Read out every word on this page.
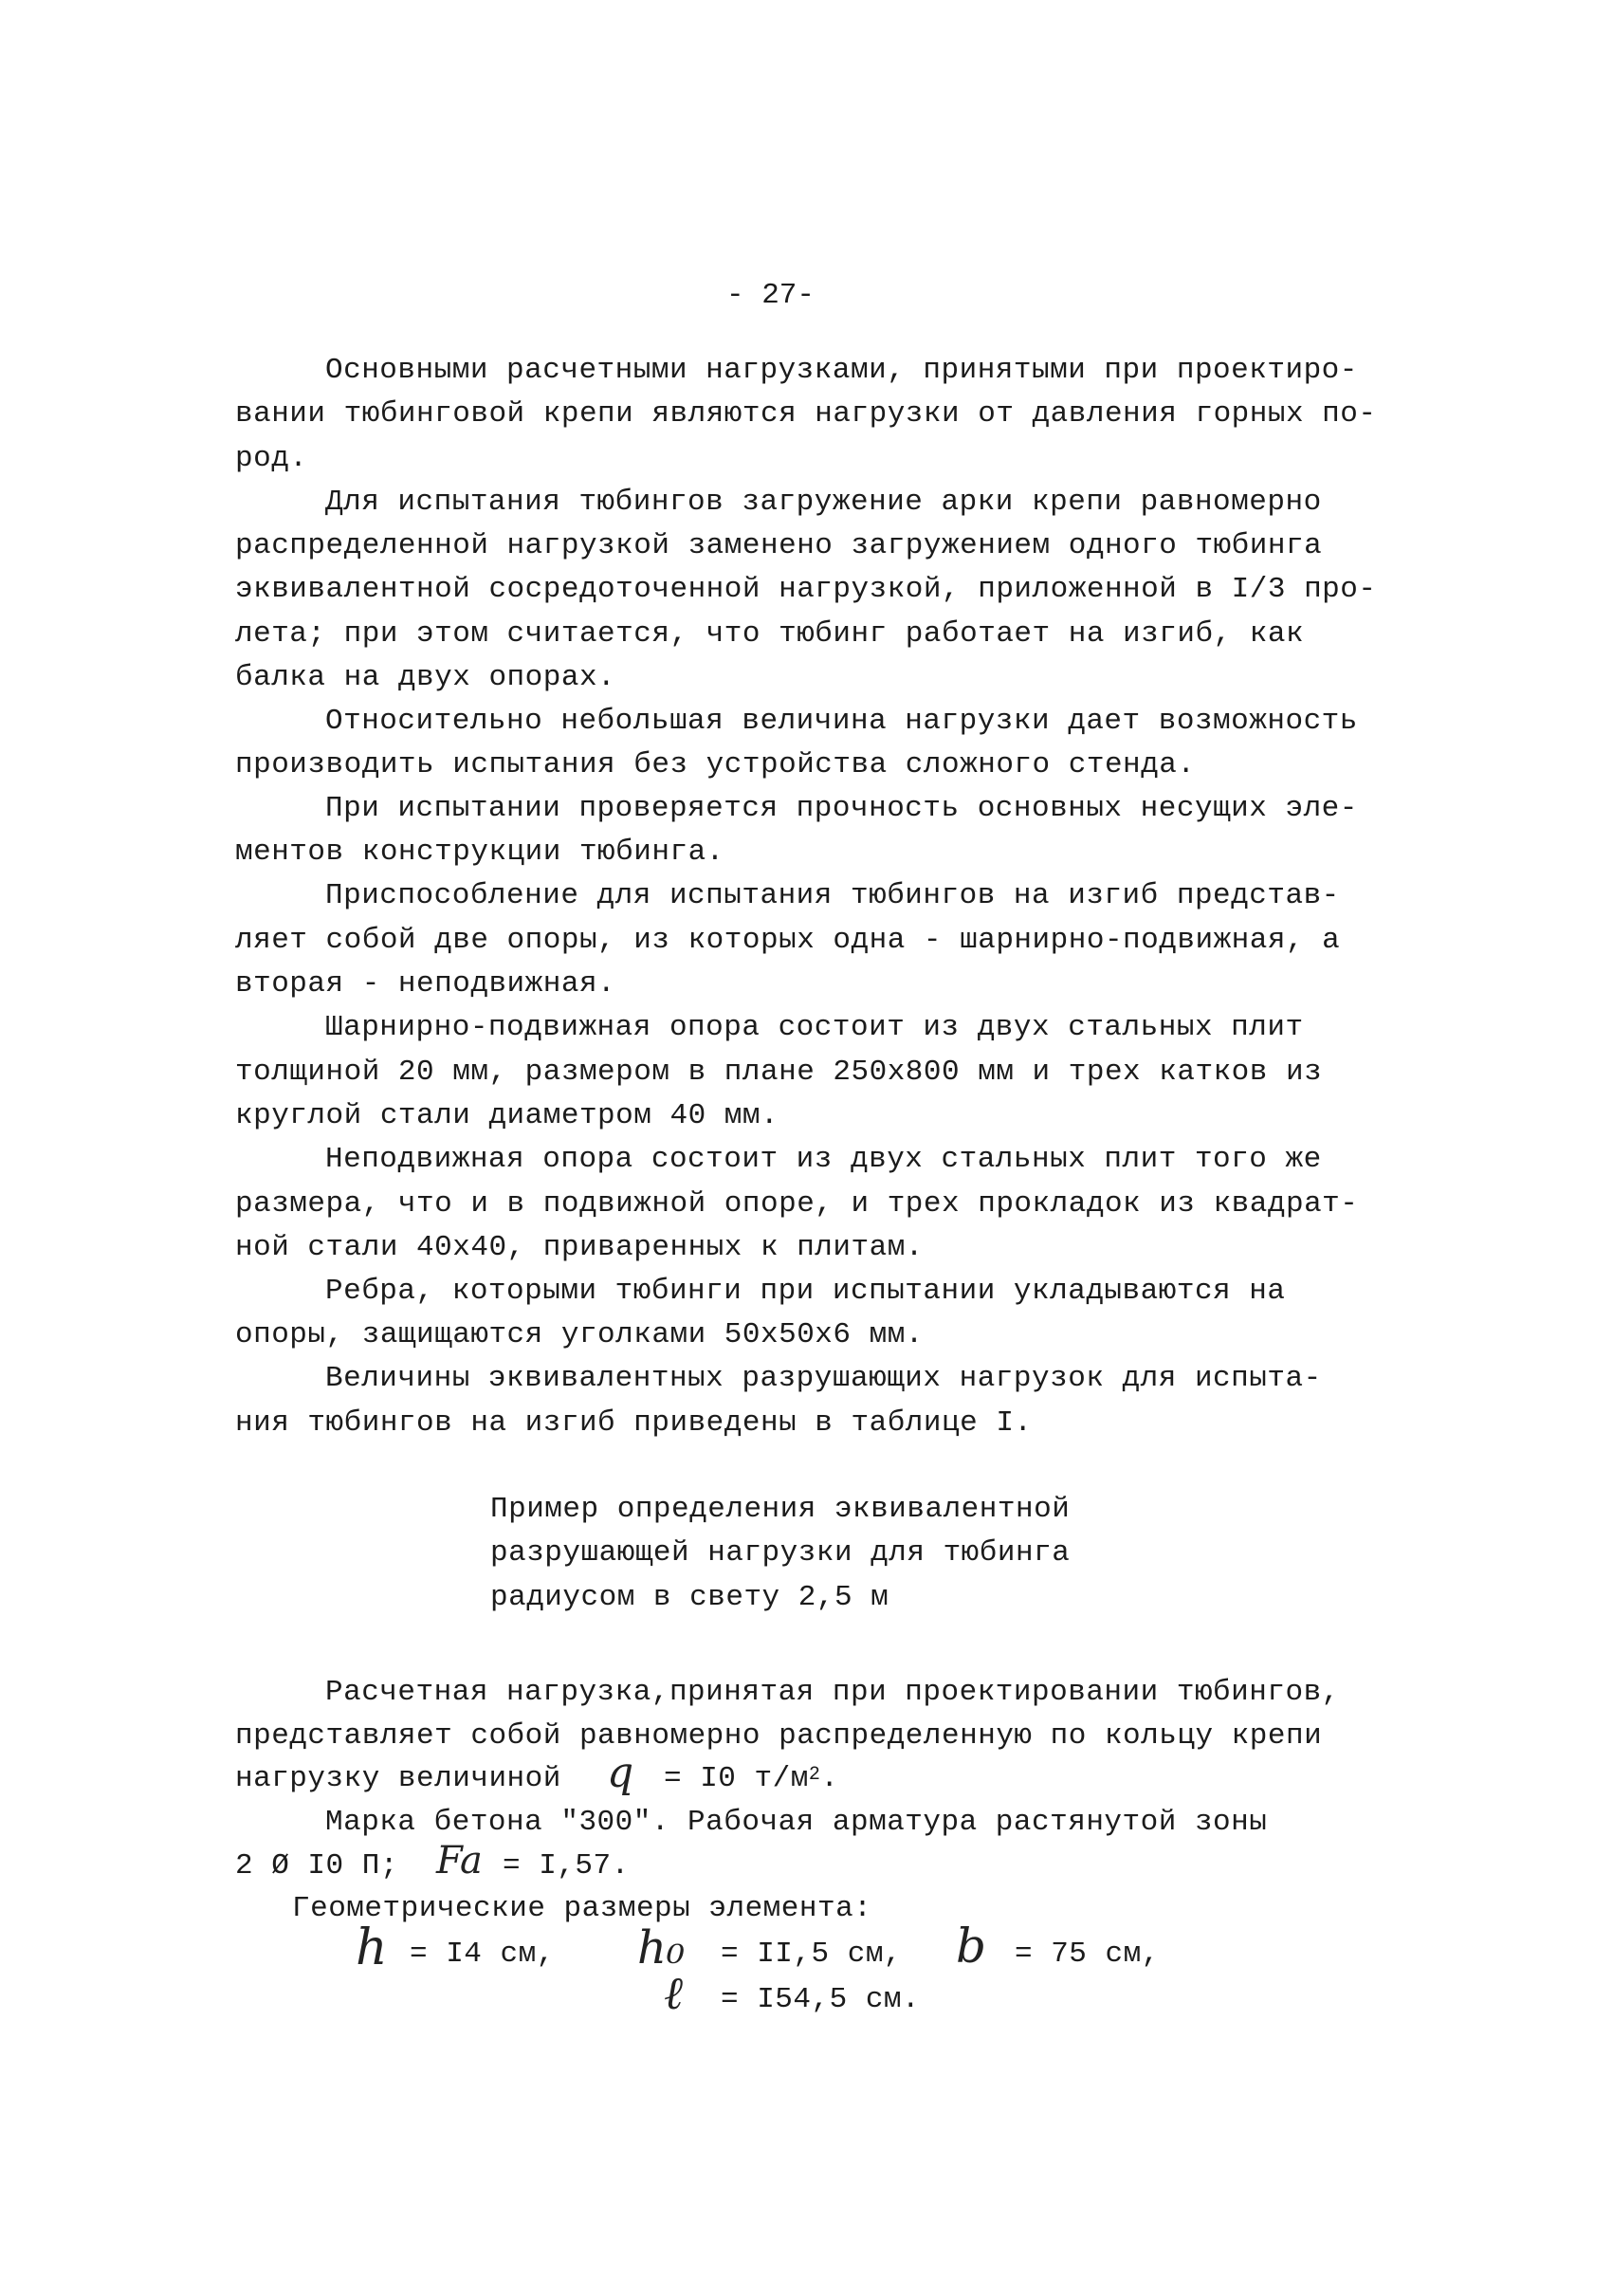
- 27-
Основными расчетными нагрузками, принятыми при проектиро-
вании тюбинговой крепи являются нагрузки от давления горных по-
род.
Для испытания тюбингов загружение арки крепи равномерно
распределенной нагрузкой заменено загружением одного тюбинга
эквивалентной сосредоточенной нагрузкой, приложенной в I/3 про-
лета; при этом считается, что тюбинг работает на изгиб, как
балка на двух опорах.
Относительно небольшая величина нагрузки дает возможность
производить испытания без устройства сложного стенда.
При испытании проверяется прочность основных несущих эле-
ментов конструкции тюбинга.
Приспособление для испытания тюбингов на изгиб представ-
ляет собой две опоры, из которых одна - шарнирно-подвижная, а
вторая - неподвижная.
Шарнирно-подвижная опора состоит из двух стальных плит
толщиной 20 мм, размером в плане 250х800 мм и трех катков из
круглой стали диаметром 40 мм.
Неподвижная опора состоит из двух стальных плит того же
размера, что и в подвижной опоре, и трех прокладок из квадрат-
ной стали 40х40, приваренных к плитам.
Ребра, которыми тюбинги при испытании укладываются на
опоры, защищаются уголками 50х50х6 мм.
Величины эквивалентных разрушающих нагрузок для испыта-
ния тюбингов на изгиб приведены в таблице I.
Пример определения эквивалентной
разрушающей нагрузки для тюбинга
радиусом в свету 2,5 м
Расчетная нагрузка,принятая при проектировании тюбингов,
представляет собой равномерно распределенную по кольцу крепи
нагрузку величиной q = I0 $т/м^2$.
Марка бетона "300". Рабочая арматура растянутой зоны
2 Ø I0 П; Fa = I,57.
Геометрические размеры элемента:
h = I4 см, h₀ = II,5 см, b = 75 см,
ℓ = I54,5 см.
